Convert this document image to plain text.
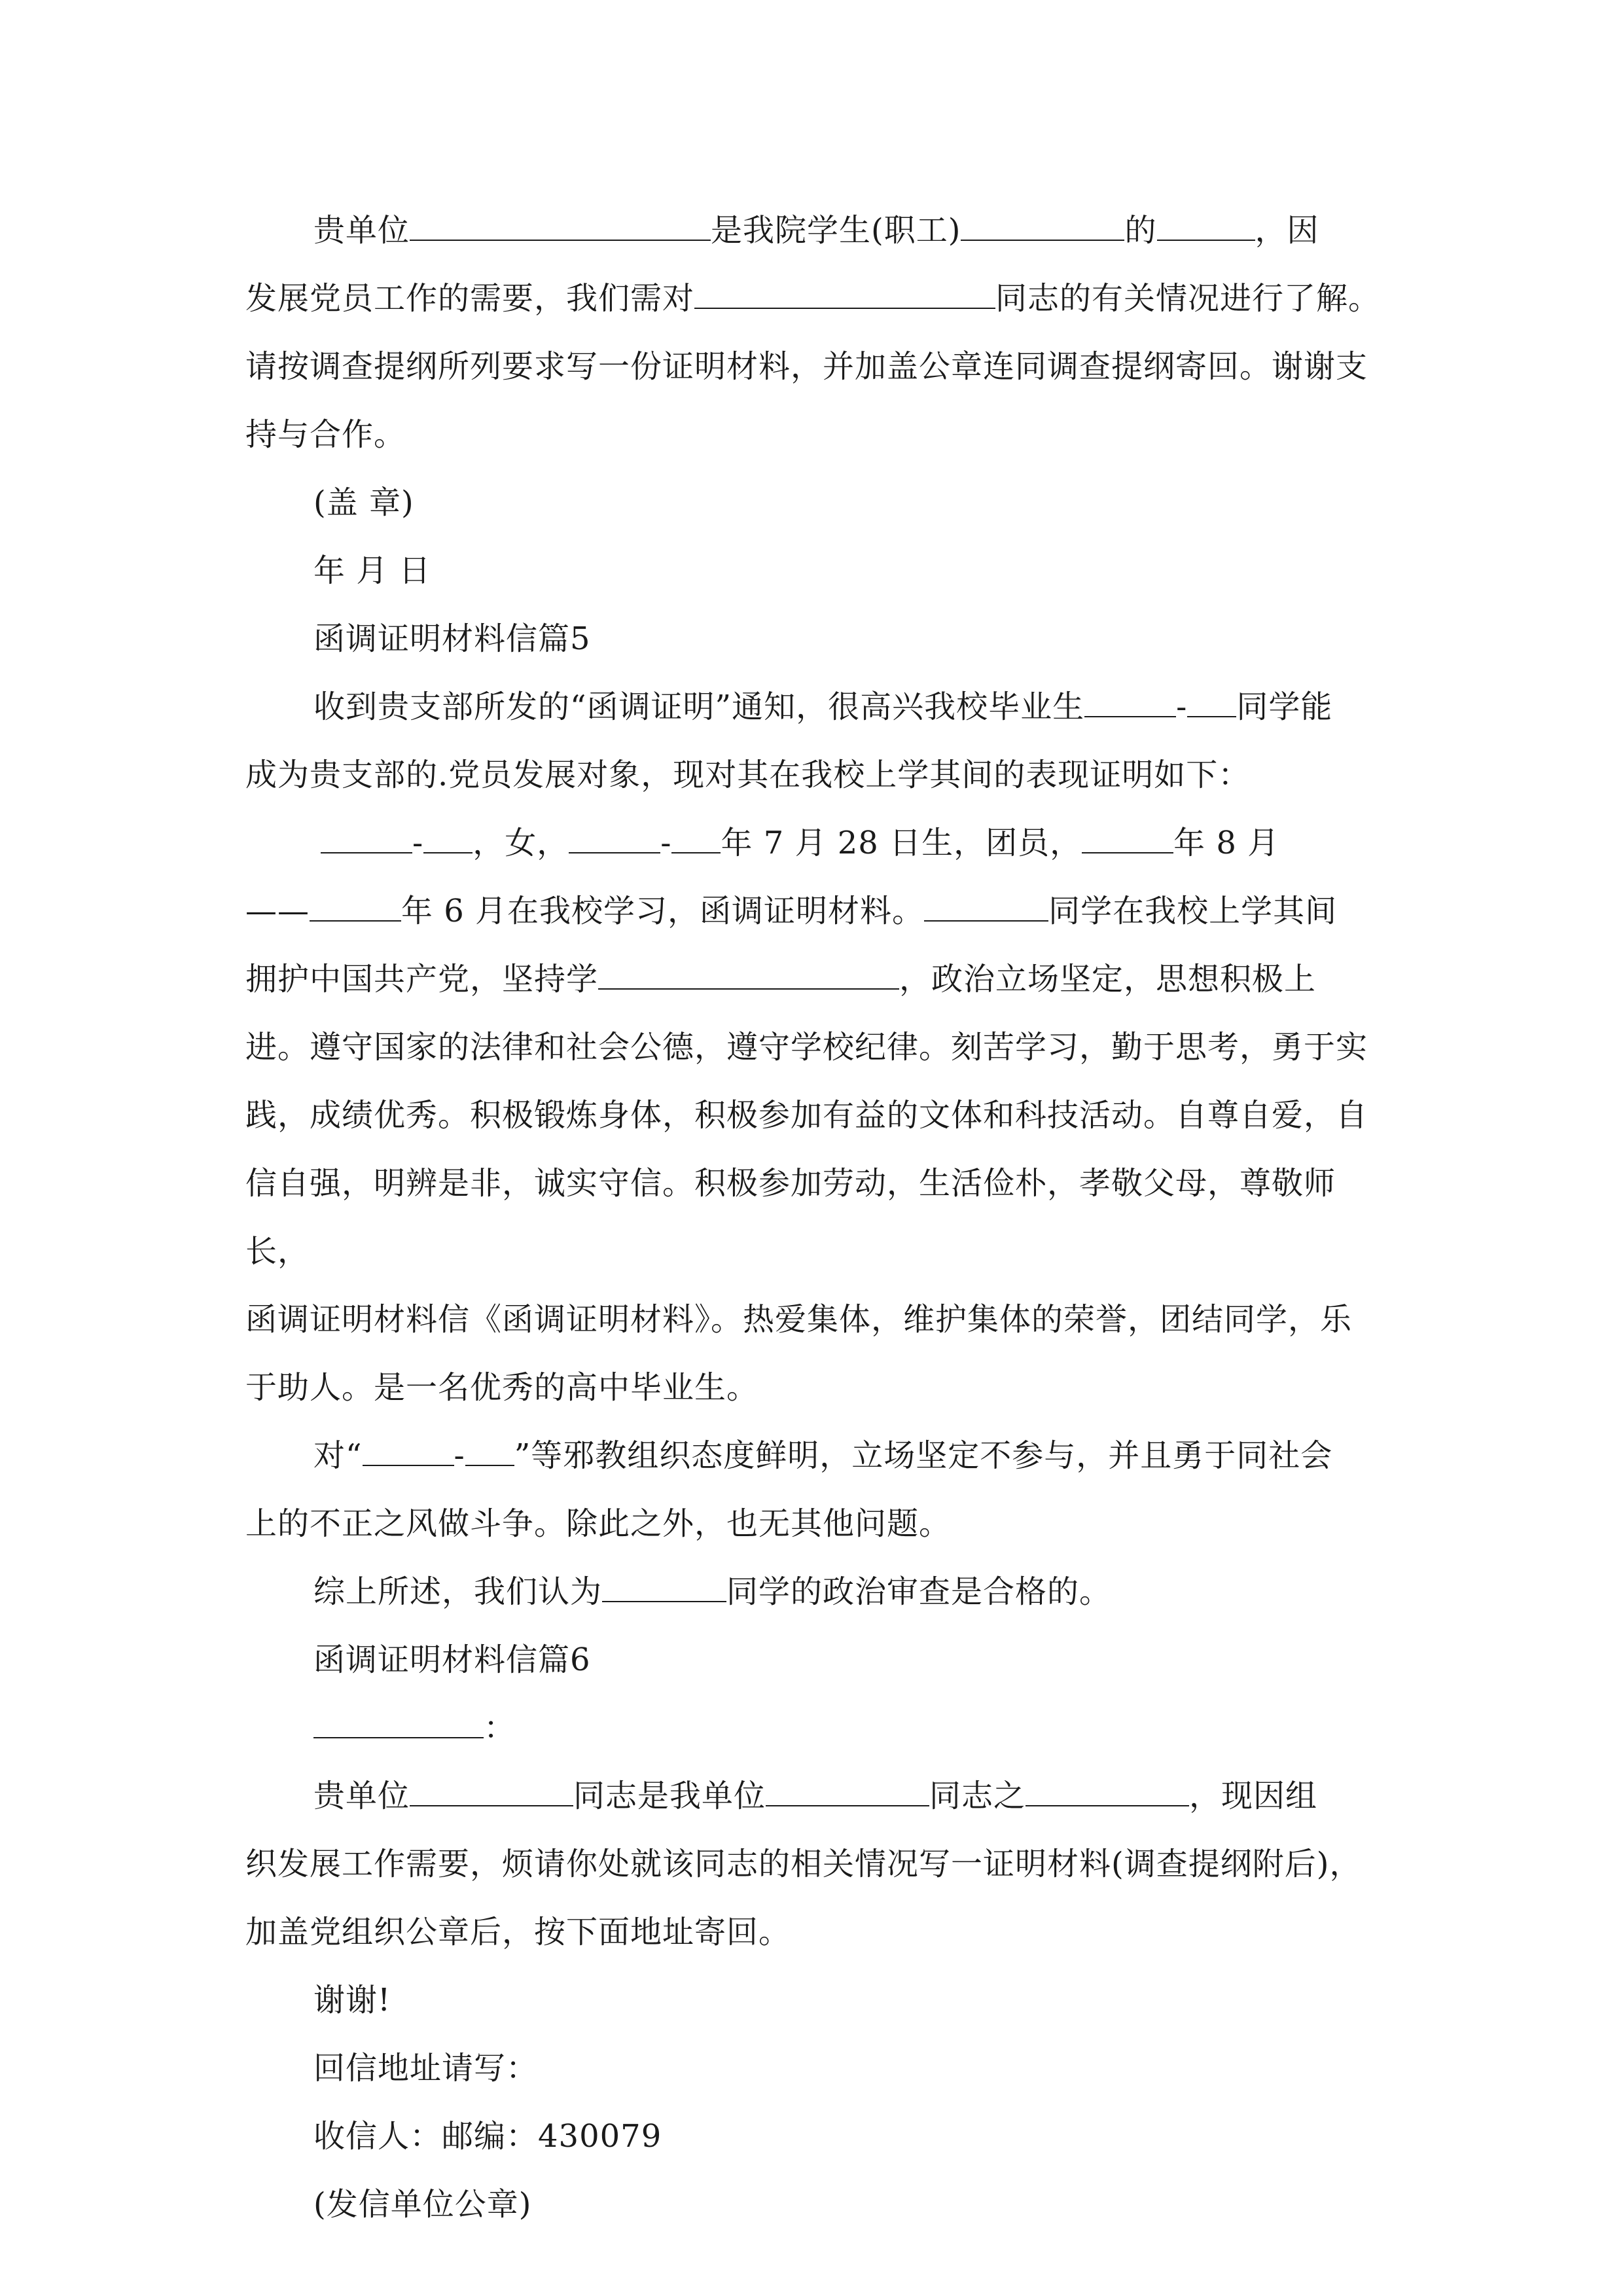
贵单位	是我院学生(职工)	的	，因

发展党员工作的需要，我们需对	同志的有关情况进行了解。

请按调查提纲所列要求写一份证明材料，并加盖公章连同调查提纲寄回。谢谢支

持与合作。

(盖 章)

年 月 日

函调证明材料信篇5

收到贵支部所发的“函调证明”通知，很高兴我校毕业生	- 同学能

成为贵支部的.党员发展对象，现对其在我校上学其间的表现证明如下：

- ，女，	- 年 7 月 28 日生，团员，	年 8 月

——	年 6 月在我校学习，函调证明材料。	同学在我校上学其间

拥护中国共产党，坚持学	，政治立场坚定，思想积极上

进。遵守国家的法律和社会公德，遵守学校纪律。刻苦学习，勤于思考，勇于实

践，成绩优秀。积极锻炼身体，积极参加有益的文体和科技活动。自尊自爱，自

信自强，明辨是非，诚实守信。积极参加劳动，生活俭朴，孝敬父母，尊敬师长，

函调证明材料信《函调证明材料》。热爱集体，维护集体的荣誉，团结同学，乐

于助人。是一名优秀的高中毕业生。

对“	- ”等邪教组织态度鲜明，立场坚定不参与，并且勇于同社会

上的不正之风做斗争。除此之外，也无其他问题。

综上所述，我们认为	同学的政治审查是合格的。

函调证明材料信篇6

：

贵单位	同志是我单位	同志之	，现因组

织发展工作需要，烦请你处就该同志的相关情况写一证明材料(调查提纲附后)，

加盖党组织公章后，按下面地址寄回。

谢谢!

回信地址请写：

收信人：邮编：430079

(发信单位公章)
